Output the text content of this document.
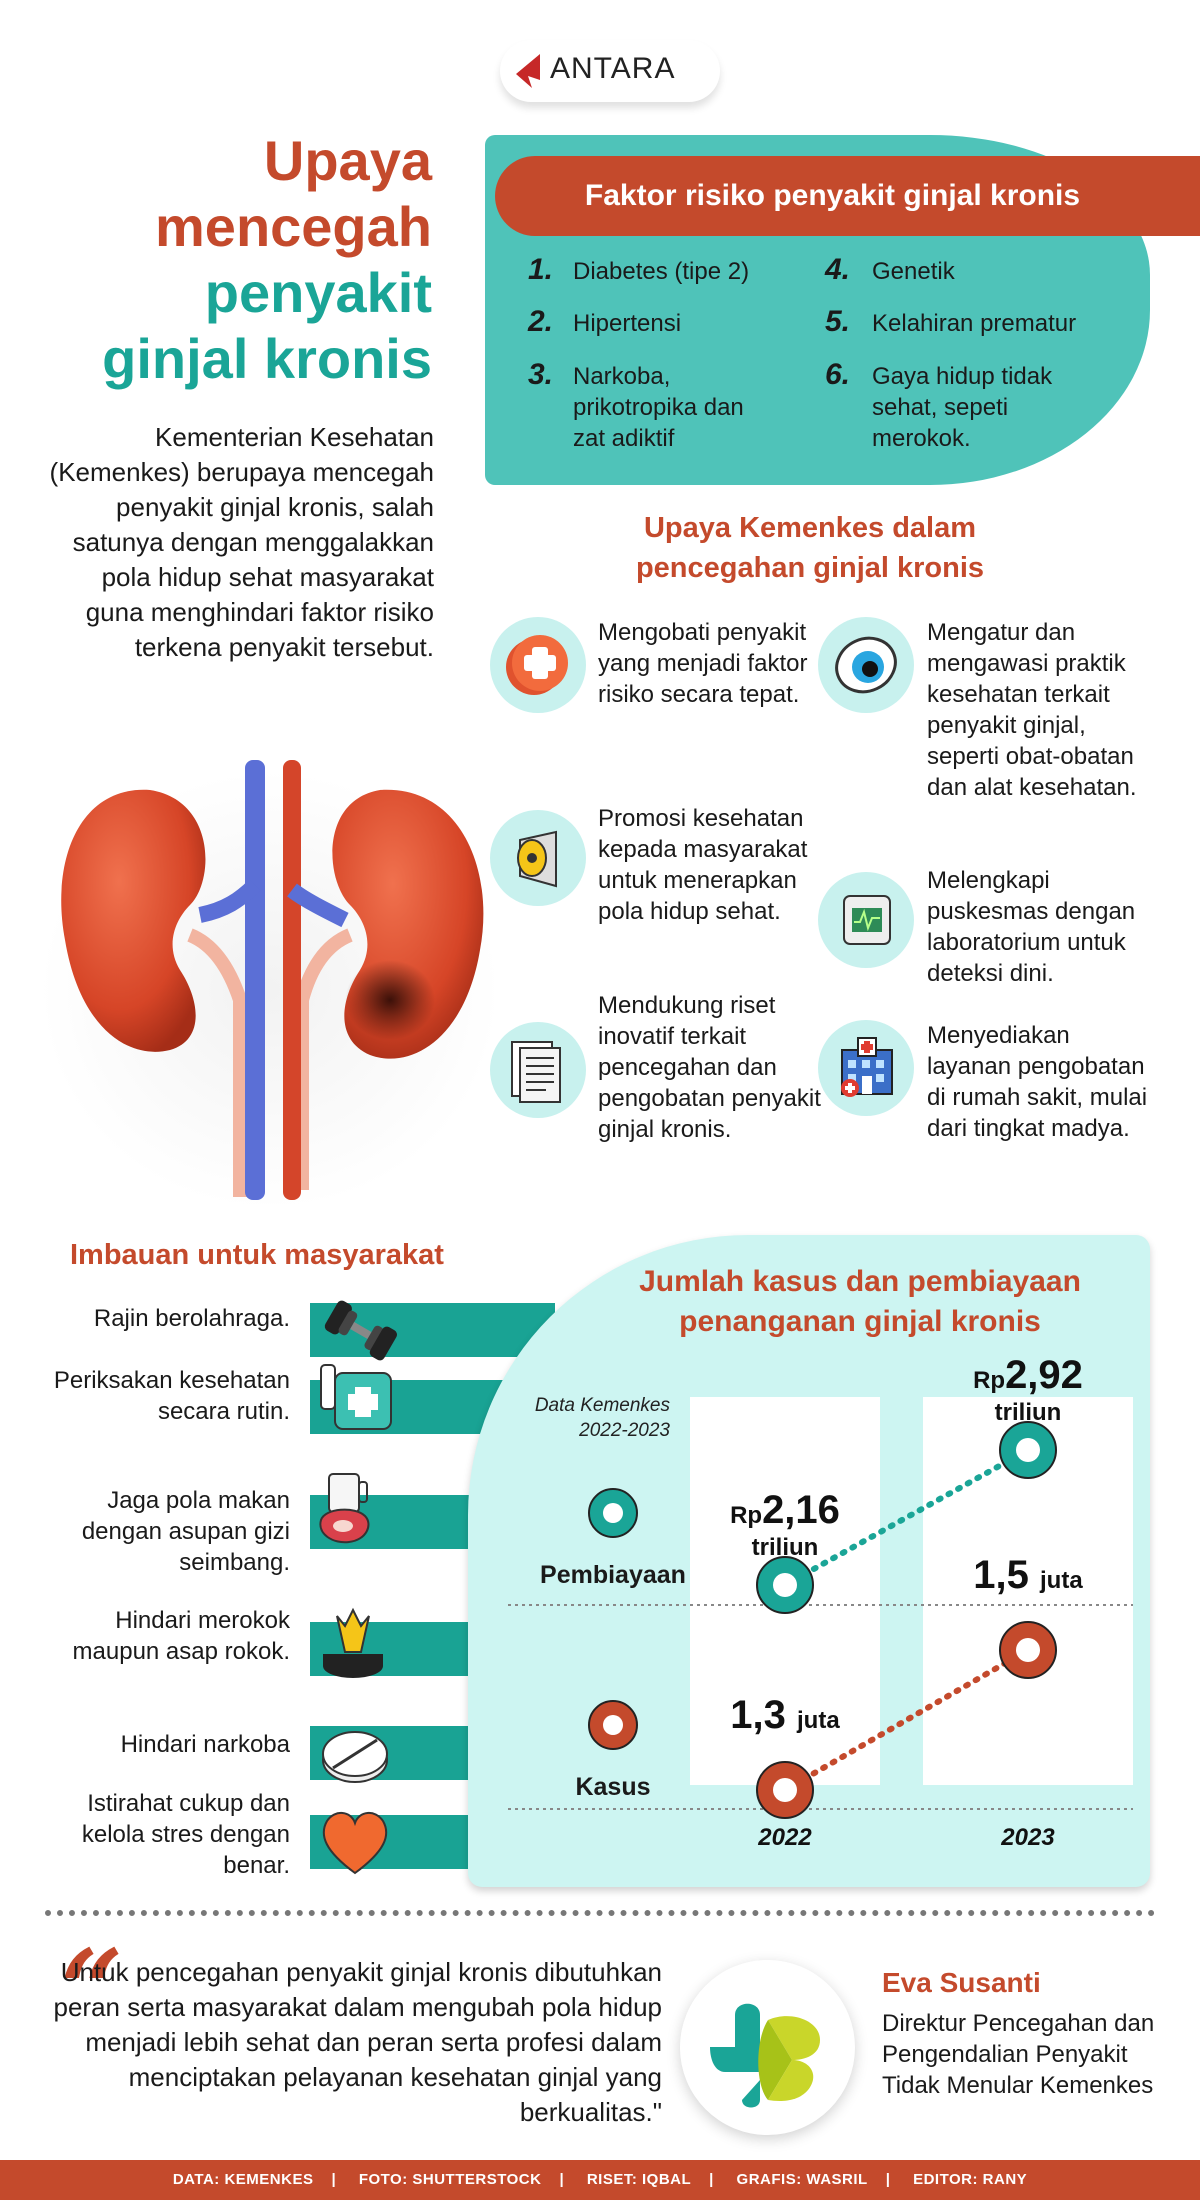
ANTARA
Upaya
mencegah
penyakit
ginjal kronis
Kementerian Kesehatan (Kemenkes) berupaya mencegah penyakit ginjal kronis, salah satunya dengan menggalakkan pola hidup sehat masyarakat guna menghindari faktor risiko terkena penyakit tersebut.
Faktor risiko penyakit ginjal kronis
1. Diabetes (tipe 2)
2. Hipertensi
3. Narkoba, prikotropika dan zat adiktif
4. Genetik
5. Kelahiran prematur
6. Gaya hidup tidak sehat, sepeti merokok.
Upaya Kemenkes dalam pencegahan ginjal kronis
Mengobati penyakit yang menjadi faktor risiko secara tepat.
Promosi kesehatan kepada masyarakat untuk menerapkan pola hidup sehat.
Mendukung riset inovatif terkait pencegahan dan pengobatan penyakit ginjal kronis.
Mengatur dan mengawasi praktik kesehatan terkait penyakit ginjal, seperti obat-obatan dan alat kesehatan.
Melengkapi puskesmas dengan laboratorium untuk deteksi dini.
Menyediakan layanan pengobatan di rumah sakit, mulai dari tingkat madya.
Imbauan untuk masyarakat
Rajin berolahraga.
Periksakan kesehatan secara rutin.
Jaga pola makan dengan asupan gizi seimbang.
Hindari merokok maupun asap rokok.
Hindari narkoba
Istirahat cukup dan kelola stres dengan benar.
Jumlah kasus dan pembiayaan penanganan ginjal kronis
Data Kemenkes 2022-2023
Pembiayaan
Rp2,16
triliun
Rp2,92
triliun
Kasus
1,3 juta
1,5 juta
2022	2023
“
Untuk pencegahan penyakit ginjal kronis dibutuhkan peran serta masyarakat dalam mengubah pola hidup menjadi lebih sehat dan peran serta profesi dalam menciptakan pelayanan kesehatan ginjal yang berkualitas."
Eva Susanti
Direktur Pencegahan dan Pengendalian Penyakit Tidak Menular Kemenkes
DATA: KEMENKES | FOTO: SHUTTERSTOCK | RISET: IQBAL | GRAFIS: WASRIL | EDITOR: RANY
